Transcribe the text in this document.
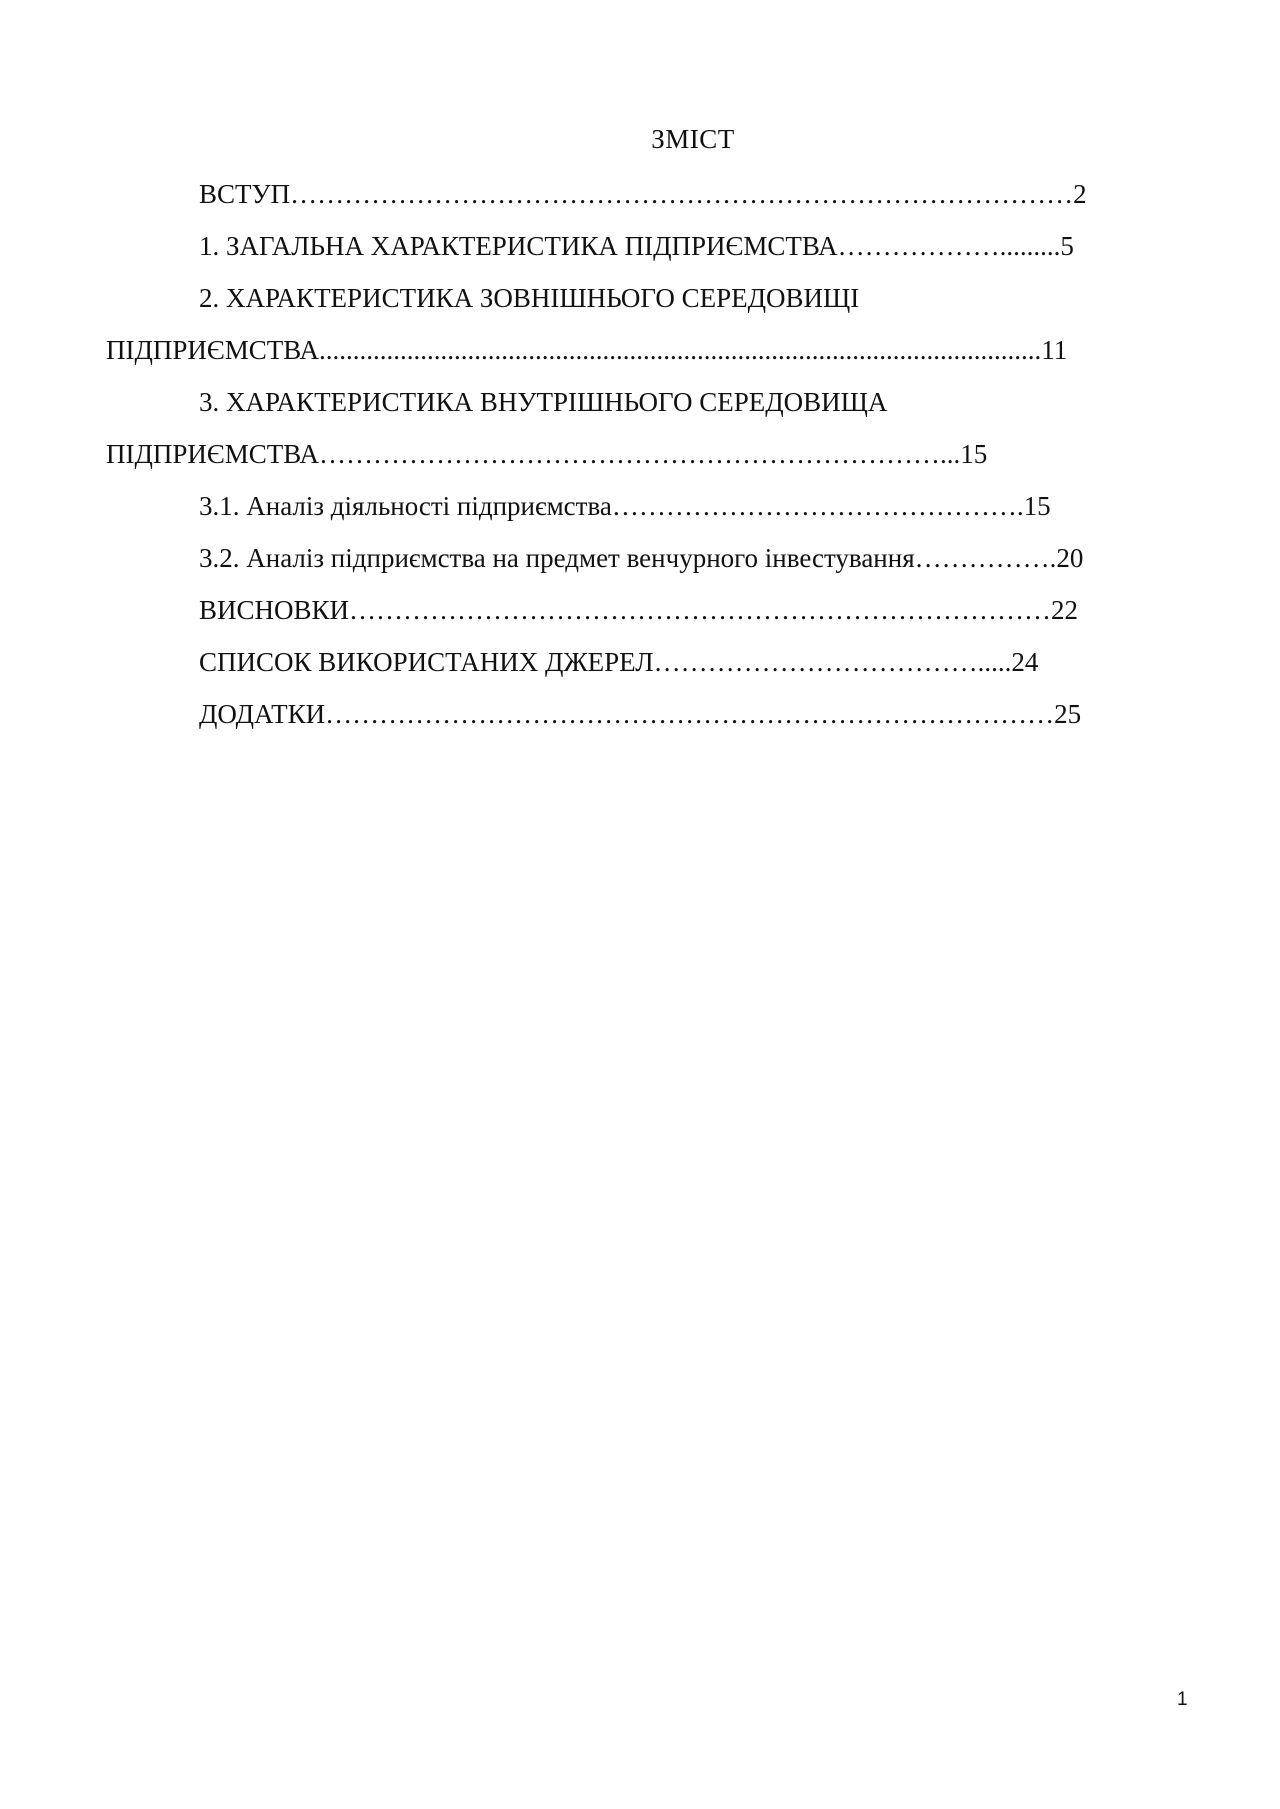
ЗМІСТ
ВСТУП……………………………………………………………………………2
1. ЗАГАЛЬНА ХАРАКТЕРИСТИКА ПІДПРИЄМСТВА……………….........5
2. ХАРАКТЕРИСТИКА ЗОВНІШНЬОГО СЕРЕДОВИЩІ
ПІДПРИЄМСТВА...........................................................................................................11
3. ХАРАКТЕРИСТИКА ВНУТРІШНЬОГО СЕРЕДОВИЩА
ПІДПРИЄМСТВА……………………………………………………………...15
3.1. Аналіз діяльності підприємства……………………………………….15
3.2. Аналіз підприємства на предмет венчурного інвестування…………….20
ВИСНОВКИ……………………………………………………………………22
СПИСОК ВИКОРИСТАНИХ ДЖЕРЕЛ……………………………….....24
ДОДАТКИ………………………………………………………………………25
1
